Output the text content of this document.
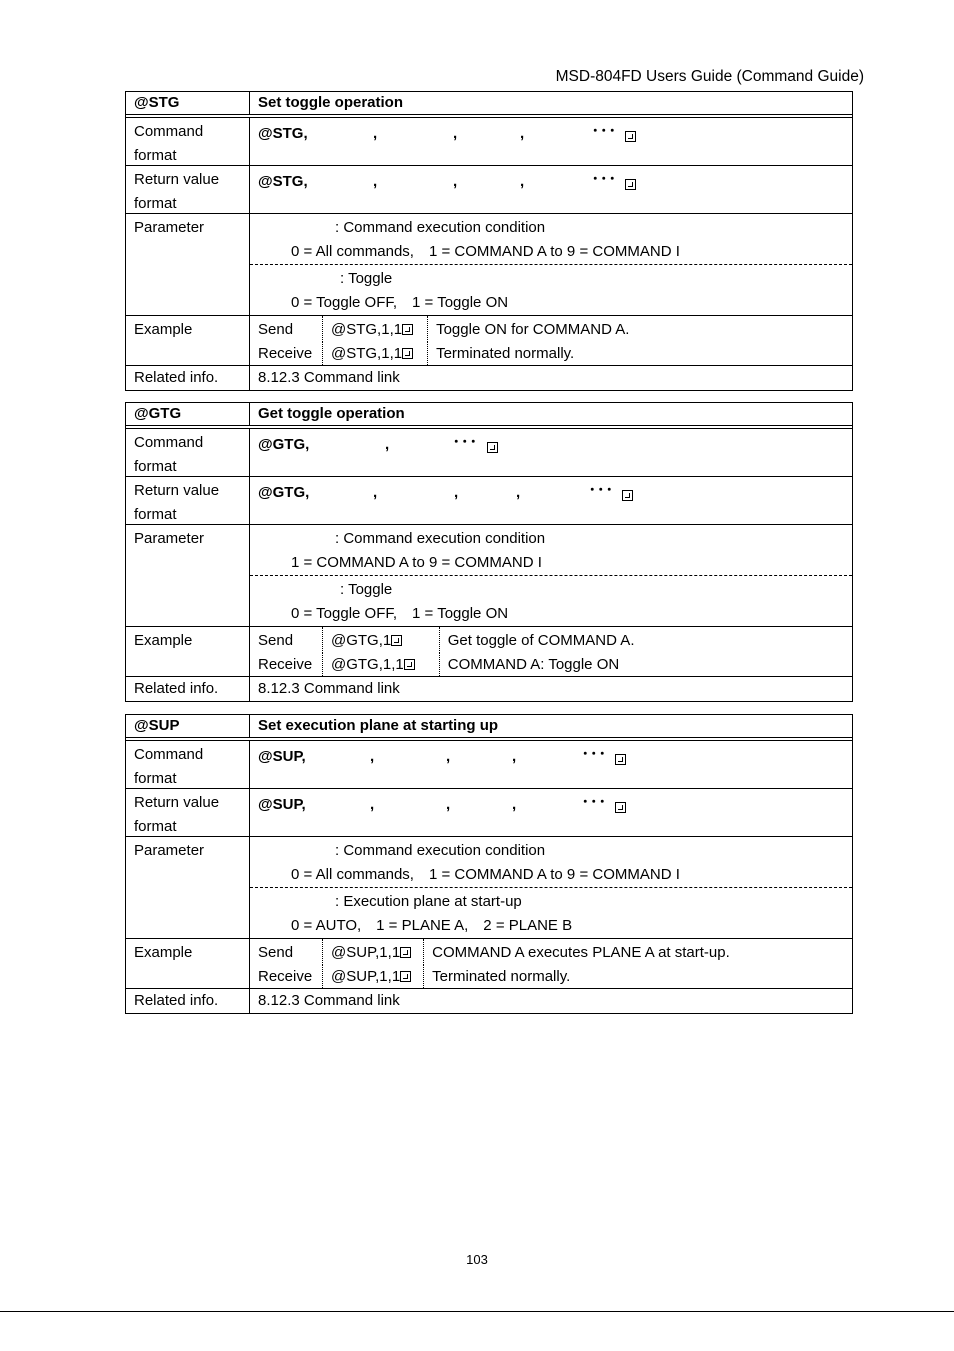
MSD-804FD Users Guide (Command Guide)
@STG	Set toggle operation
Command format
@STG,	,	,	,	･･･
Return value format
@STG,	,	,	,	･･･
Parameter	: Command execution condition
0 = All commands,　1 = COMMAND A to 9 = COMMAND I
: Toggle
0 = Toggle OFF,　1 = Toggle ON
Example	Send	@STG,1,1	Toggle ON for COMMAND A.
Receive	@STG,1,1	Terminated normally.
Related info.	8.12.3 Command link
@GTG	Get toggle operation
Command format
@GTG,	,	･･･
Return value format
@GTG,	,	,	,	･･･
Parameter	: Command execution condition
1 = COMMAND A to 9 = COMMAND I
: Toggle
0 = Toggle OFF,　1 = Toggle ON
Example	Send	@GTG,1	Get toggle of COMMAND A.
Receive	@GTG,1,1	COMMAND A: Toggle ON
Related info.	8.12.3 Command link
@SUP	Set execution plane at starting up
Command format
@SUP,	,	,	,	･･･
Return value format
@SUP,	,	,	,	･･･
Parameter	: Command execution condition
0 = All commands,　1 = COMMAND A to 9 = COMMAND I
: Execution plane at start-up
0 = AUTO,　1 = PLANE A,　2 = PLANE B
Example	Send	@SUP,1,1	COMMAND A executes PLANE A at start-up.
Receive	@SUP,1,1	Terminated normally.
Related info.	8.12.3 Command link
103
